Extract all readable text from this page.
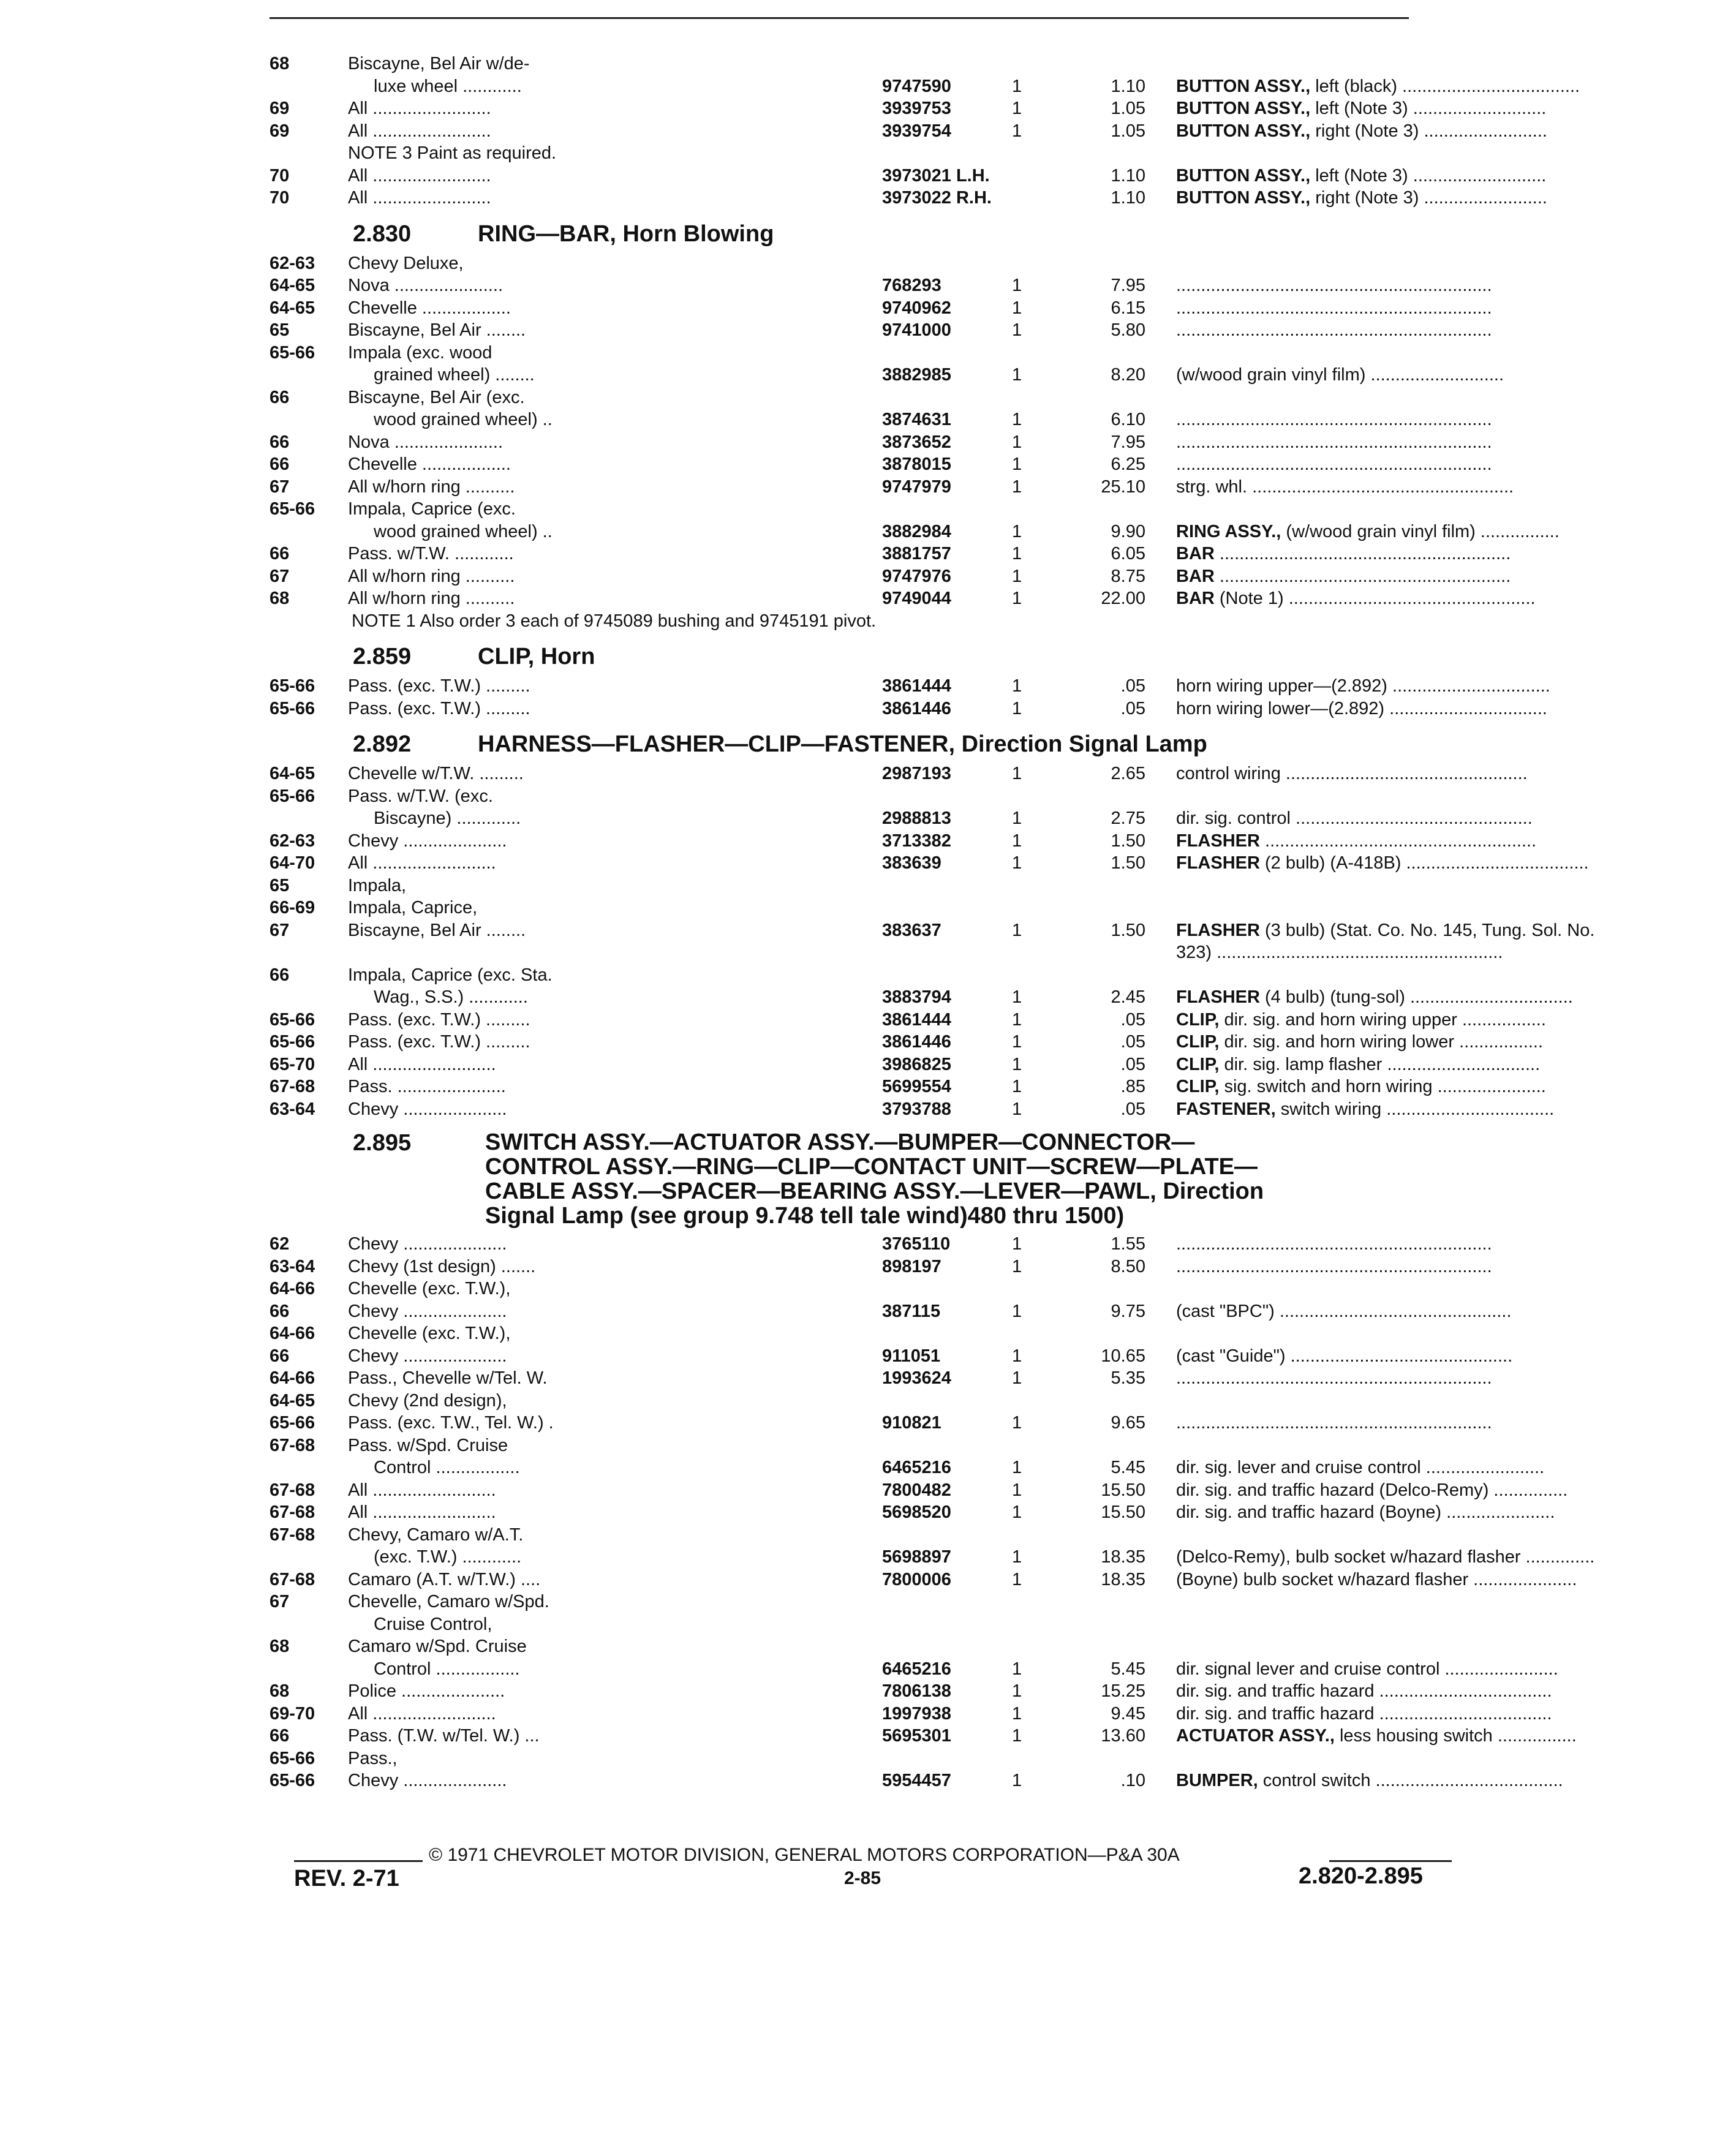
68	Biscayne, Bel Air w/de-
luxe wheel ............	9747590	1	1.10 BUTTON ASSY., left (black) ....................................
69	All ........................	3939753	1	1.05 BUTTON ASSY., left (Note 3) ...........................
69	All ........................	3939754	1	1.05 BUTTON ASSY., right (Note 3) .........................
NOTE 3 Paint as required.
70	All ........................	3973021 L.H.	1.10 BUTTON ASSY., left (Note 3) ...........................
70	All ........................	3973022 R.H.	1.10 BUTTON ASSY., right (Note 3) .........................
2.830	RING—BAR, Horn Blowing
62-63 Chevy Deluxe,
64-65 Nova ......................	768293	1	7.95 ................................................................
64-65 Chevelle ..................	9740962	1	6.15 ................................................................
65	Biscayne, Bel Air ........	9741000	1	5.80 ................................................................
65-66 Impala (exc. wood
grained wheel) ........	3882985	1	8.20 (w/wood grain vinyl film) ...........................
66	Biscayne, Bel Air (exc.
wood grained wheel) ..	3874631	1	6.10 ................................................................
66	Nova ......................	3873652	1	7.95 ................................................................
66	Chevelle ..................	3878015	1	6.25 ................................................................
67	All w/horn ring ..........	9747979	1	25.10 strg. whl. .....................................................
65-66 Impala, Caprice (exc.
wood grained wheel) ..	3882984	1	9.90 RING ASSY., (w/wood grain vinyl film) ................
66	Pass. w/T.W. ............	3881757	1	6.05 BAR ...........................................................
67	All w/horn ring ..........	9747976	1	8.75 BAR ...........................................................
68	All w/horn ring ..........	9749044	1	22.00 BAR (Note 1) ..................................................
NOTE 1 Also order 3 each of 9745089 bushing and 9745191 pivot.
2.859	CLIP, Horn
65-66 Pass. (exc. T.W.) .........	3861444	1	.05 horn wiring upper—(2.892) ................................
65-66 Pass. (exc. T.W.) .........	3861446	1	.05 horn wiring lower—(2.892) ................................
2.892	HARNESS—FLASHER—CLIP—FASTENER, Direction Signal Lamp
64-65 Chevelle w/T.W. .........	2987193	1	2.65 control wiring .................................................
65-66 Pass. w/T.W. (exc.
Biscayne) .............	2988813	1	2.75 dir. sig. control ................................................
62-63 Chevy .....................	3713382	1	1.50 FLASHER .......................................................
64-70 All .........................	383639	1	1.50 FLASHER (2 bulb) (A-418B) .....................................
65	Impala,
66-69 Impala, Caprice,
67	Biscayne, Bel Air ........	383637	1	1.50 FLASHER (3 bulb) (Stat. Co. No. 145, Tung. Sol. No.
323) ..........................................................
66	Impala, Caprice (exc. Sta.
Wag., S.S.) ............	3883794	1	2.45 FLASHER (4 bulb) (tung-sol) .................................
65-66 Pass. (exc. T.W.) .........	3861444	1	.05 CLIP, dir. sig. and horn wiring upper .................
65-66 Pass. (exc. T.W.) .........	3861446	1	.05 CLIP, dir. sig. and horn wiring lower .................
65-70 All .........................	3986825	1	.05 CLIP, dir. sig. lamp flasher ...............................
67-68 Pass. ......................	5699554	1	.85 CLIP, sig. switch and horn wiring ......................
63-64 Chevy .....................	3793788	1	.05 FASTENER, switch wiring ..................................
2.895	SWITCH ASSY.—ACTUATOR ASSY.—BUMPER—CONNECTOR—
CONTROL ASSY.—RING—CLIP—CONTACT UNIT—SCREW—PLATE—
CABLE ASSY.—SPACER—BEARING ASSY.—LEVER—PAWL, Direction
Signal Lamp (see group 9.748 tell tale wind)480 thru 1500)
62	Chevy .....................	3765110	1	1.55 ................................................................
63-64 Chevy (1st design) .......	898197	1	8.50 ................................................................
64-66 Chevelle (exc. T.W.),
66	Chevy .....................	387115	1	9.75 (cast "BPC") ...............................................
64-66 Chevelle (exc. T.W.),
66	Chevy .....................	911051	1	10.65 (cast "Guide") .............................................
64-66 Pass., Chevelle w/Tel. W.	1993624	1	5.35 ................................................................
64-65 Chevy (2nd design),
65-66 Pass. (exc. T.W., Tel. W.) .	910821	1	9.65 ................................................................
67-68 Pass. w/Spd. Cruise
Control .................	6465216	1	5.45 dir. sig. lever and cruise control ........................
67-68 All .........................	7800482	1	15.50 dir. sig. and traffic hazard (Delco-Remy) ...............
67-68 All .........................	5698520	1	15.50 dir. sig. and traffic hazard (Boyne) ......................
67-68 Chevy, Camaro w/A.T.
(exc. T.W.) ............	5698897	1	18.35 (Delco-Remy), bulb socket w/hazard flasher ..............
67-68 Camaro (A.T. w/T.W.) ....	7800006	1	18.35 (Boyne) bulb socket w/hazard flasher .....................
67	Chevelle, Camaro w/Spd.
Cruise Control,
68	Camaro w/Spd. Cruise
Control .................	6465216	1	5.45 dir. signal lever and cruise control .......................
68	Police .....................	7806138	1	15.25 dir. sig. and traffic hazard ...................................
69-70 All .........................	1997938	1	9.45 dir. sig. and traffic hazard ...................................
66	Pass. (T.W. w/Tel. W.) ...	5695301	1	13.60 ACTUATOR ASSY., less housing switch ................
65-66 Pass.,
65-66 Chevy .....................	5954457	1	.10 BUMPER, control switch ......................................
© 1971 CHEVROLET MOTOR DIVISION, GENERAL MOTORS CORPORATION—P&A 30A
REV. 2-71	2-85	2.820-2.895
